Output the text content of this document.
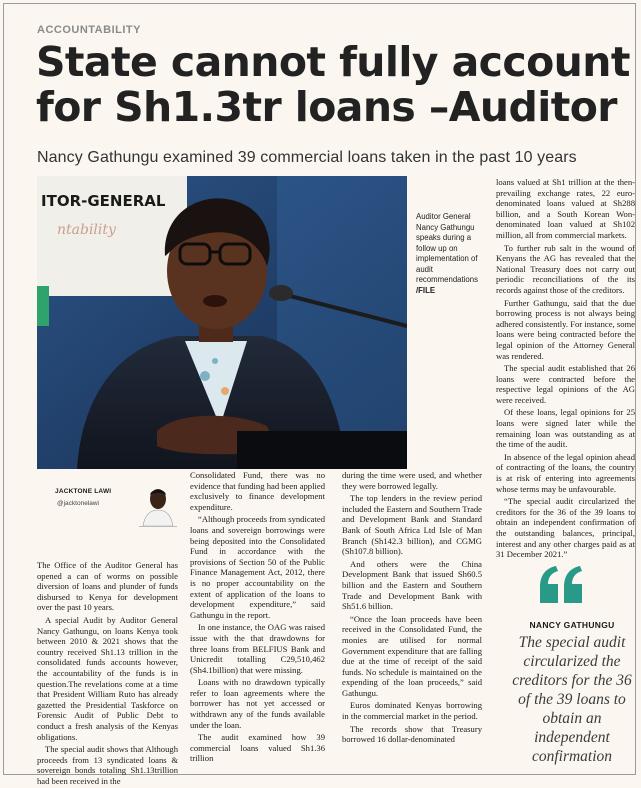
ACCOUNTABILITY
State cannot fully account
for Sh1.3tr loans –Auditor
Nancy Gathungu examined 39 commercial loans taken in the past 10 years
ITOR-GENERAL
ntability
Auditor General Nancy Gathungu speaks during a follow up on implementation of audit recommendations /FILE
JACKTONE LAWI
@jacktonelawi

The Office of the Auditor General has opened a can of worms on possible diversion of loans and plunder of funds disbursed to Kenya for development over the past 10 years.

A special Audit by Auditor General Nancy Gathungu, on loans Kenya took between 2010 & 2021 shows that the country received Sh1.13 trillion in the consolidated funds accounts however, the accountability of the funds is in question.The revelations come at a time that President William Ruto has already gazetted the Presidential Taskforce on Forensic Audit of Public Debt to conduct a fresh analysis of the Kenyas obligations.

The special audit shows that Although proceeds from 13 syndicated loans & sovereign bonds totaling Sh1.13trillion had been received in the

Consolidated Fund, there was no evidence that funding had been applied exclusively to finance development expenditure.

“Although proceeds from syndicated loans and sovereign borrowings were being deposited into the Consolidated Fund in accordance with the provisions of Section 50 of the Public Finance Management Act, 2012, there is no proper accountability on the extent of application of the loans to development expenditure,” said Gathungu in the report.

In one instance, the OAG was raised issue with the that drawdowns for three loans from BELFIUS Bank and Unicredit totalling C29,510,462 (Sh4.1billion) that were missing.

Loans with no drawdown typically refer to loan agreements where the borrower has not yet accessed or withdrawn any of the funds available under the loan.

The audit examined how 39 commercial loans valued Sh1.36 trillion

during the time were used, and whether they were borrowed legally.

The top lenders in the review period included the Eastern and Southern Trade and Development Bank and Standard Bank of South Africa Ltd Isle of Man Branch (Sh142.3 billion), and CGMG (Sh107.8 billion).

And others were the China Development Bank that issued Sh60.5 billion and the Eastern and Southern Trade and Development Bank with Sh51.6 billion.

“Once the loan proceeds have been received in the Consolidated Fund, the monies are utilised for normal Government expenditure that are falling due at the time of receipt of the said funds. No schedule is maintained on the expending of the loan proceeds,” said Gathungu.

Euros dominated Kenyas borrowing in the commercial market in the period.

The records show that Treasury borrowed 16 dollar-denominated

loans valued at Sh1 trillion at the then-prevailing exchange rates, 22 euro-denominated loans valued at Sh288 billion, and a South Korean Won-denominated loan valued at Sh102 million, all from commercial markets.

To further rub salt in the wound of Kenyans the AG has revealed that the National Treasury does not carry out periodic reconciliations of the its records against those of the creditors.

Further Gathungu, said that the due borrowing process is not always being adhered consistently. For instance, some loans were being contracted before the legal opinion of the Attorney General was rendered.

The special audit established that 26 loans were contracted before the respective legal opinions of the AG were received.

Of these loans, legal opinions for 25 loans were signed later while the remaining loan was outstanding as at the time of the audit.

In absence of the legal opinion ahead of contracting of the loans, the country is at risk of entering into agreements whose terms may be unfavourable.

“The special audit circularized the creditors for the 36 of the 39 loans to obtain an independent confirmation of the outstanding balances, principal, interest and any other charges paid as at 31 December 2021.”

NANCY GATHUNGU
The special audit circularized the creditors for the 36 of the 39 loans to obtain an independent confirmation
